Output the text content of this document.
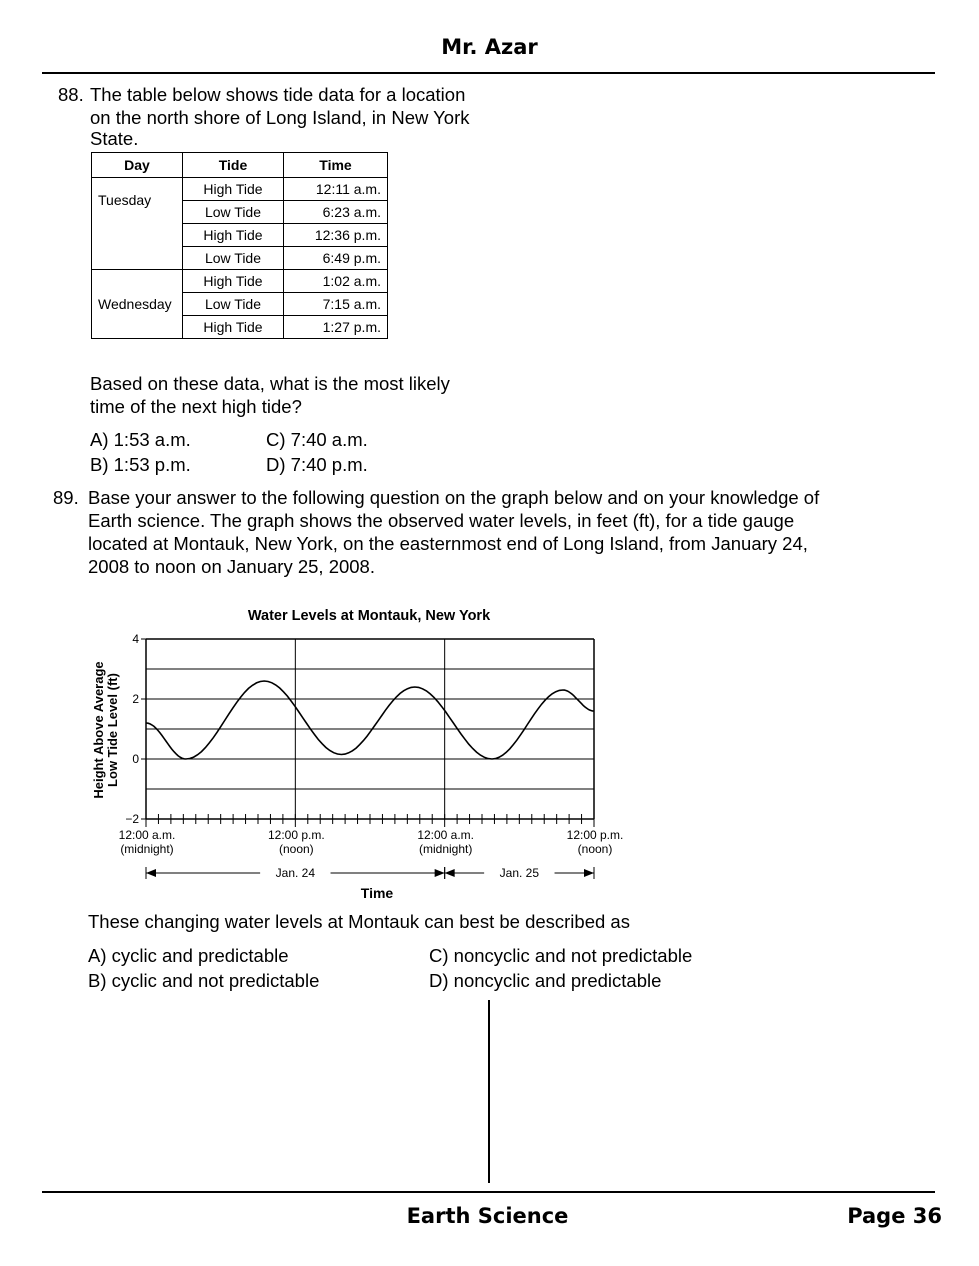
Mr. Azar
88. The table below shows tide data for a location
on the north shore of Long Island, in New York
State.
Day	Tide	Time
Tuesday	High Tide	12:11 a.m.
	Low Tide	6:23 a.m.
	High Tide	12:36 p.m.
	Low Tide	6:49 p.m.
Wednesday	High Tide	1:02 a.m.
	Low Tide	7:15 a.m.
	High Tide	1:27 p.m.
Based on these data, what is the most likely
time of the next high tide?
A) 1:53 a.m.
B) 1:53 p.m.
C) 7:40 a.m.
D) 7:40 p.m.
89. Base your answer to the following question on the graph below and on your knowledge of
Earth science. The graph shows the observed water levels, in feet (ft), for a tide gauge
located at Montauk, New York, on the easternmost end of Long Island, from January 24,
2008 to noon on January 25, 2008.
Water Levels at Montauk, New York
Height Above Average Low Tide Level (ft)
4
2
0
−2
12:00 a.m.
(midnight)
12:00 p.m.
(noon)
12:00 a.m.
(midnight)
12:00 p.m.
(noon)
Jan. 24	Jan. 25
Time
These changing water levels at Montauk can best be described as
A) cyclic and predictable
B) cyclic and not predictable
C) noncyclic and not predictable
D) noncyclic and predictable
Earth Science	Page 36
